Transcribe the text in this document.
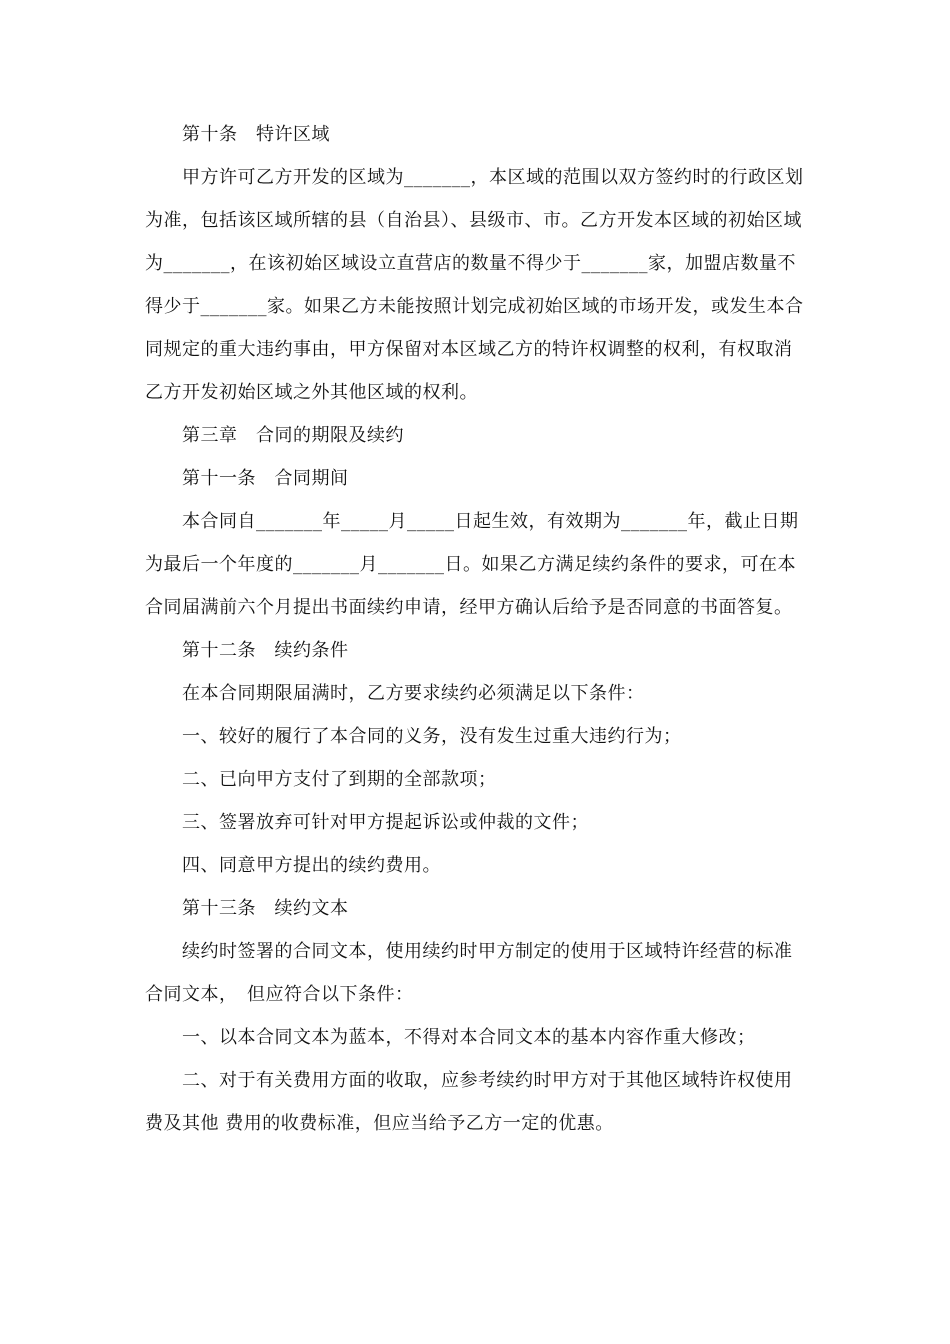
第十条　特许区域

甲方许可乙方开发的区域为_______，本区域的范围以双方签约时的行政区划为准，包括该区域所辖的县（自治县）、县级市、市。乙方开发本区域的初始区域为_______，在该初始区域设立直营店的数量不得少于_______家，加盟店数量不得少于_______家。如果乙方未能按照计划完成初始区域的市场开发，或发生本合同规定的重大违约事由，甲方保留对本区域乙方的特许权调整的权利，有权取消乙方开发初始区域之外其他区域的权利。

第三章　合同的期限及续约

第十一条　合同期间

本合同自_______年_____月_____日起生效，有效期为_______年，截止日期为最后一个年度的_______月_______日。如果乙方满足续约条件的要求，可在本合同届满前六个月提出书面续约申请，经甲方确认后给予是否同意的书面答复。

第十二条　续约条件

在本合同期限届满时，乙方要求续约必须满足以下条件：

一、较好的履行了本合同的义务，没有发生过重大违约行为；

二、已向甲方支付了到期的全部款项；

三、签署放弃可针对甲方提起诉讼或仲裁的文件；

四、同意甲方提出的续约费用。

第十三条　续约文本

续约时签署的合同文本，使用续约时甲方制定的使用于区域特许经营的标准合同文本，　但应符合以下条件：

一、以本合同文本为蓝本，不得对本合同文本的基本内容作重大修改；

二、对于有关费用方面的收取，应参考续约时甲方对于其他区域特许权使用费及其他 费用的收费标准，但应当给予乙方一定的优惠。
